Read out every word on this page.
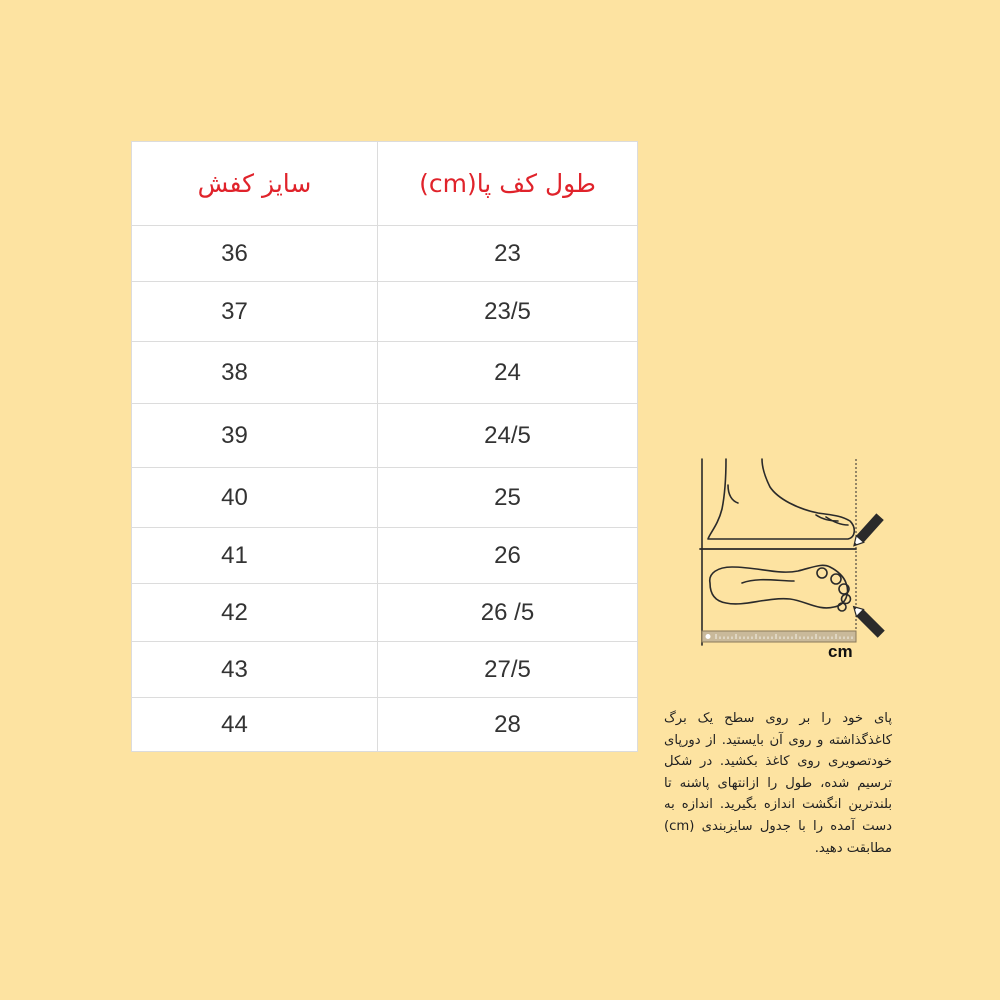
سایز کفش	طول کف پا(cm)
36	23
37	23/5
38	24
39	24/5
40	25
41	26
42	26 /5
43	27/5
44	28
cm
پای خود را بر روی سطح یک برگ کاغذگذاشته و روی آن بایستید. از دورپای خودتصویری روی کاغذ بکشید. در شکل ترسیم شده، طول را ازانتهای پاشنه تا بلندترین انگشت اندازه بگیرید. اندازه به دست آمده را با جدول سایزبندی (cm) مطابقت دهید.
